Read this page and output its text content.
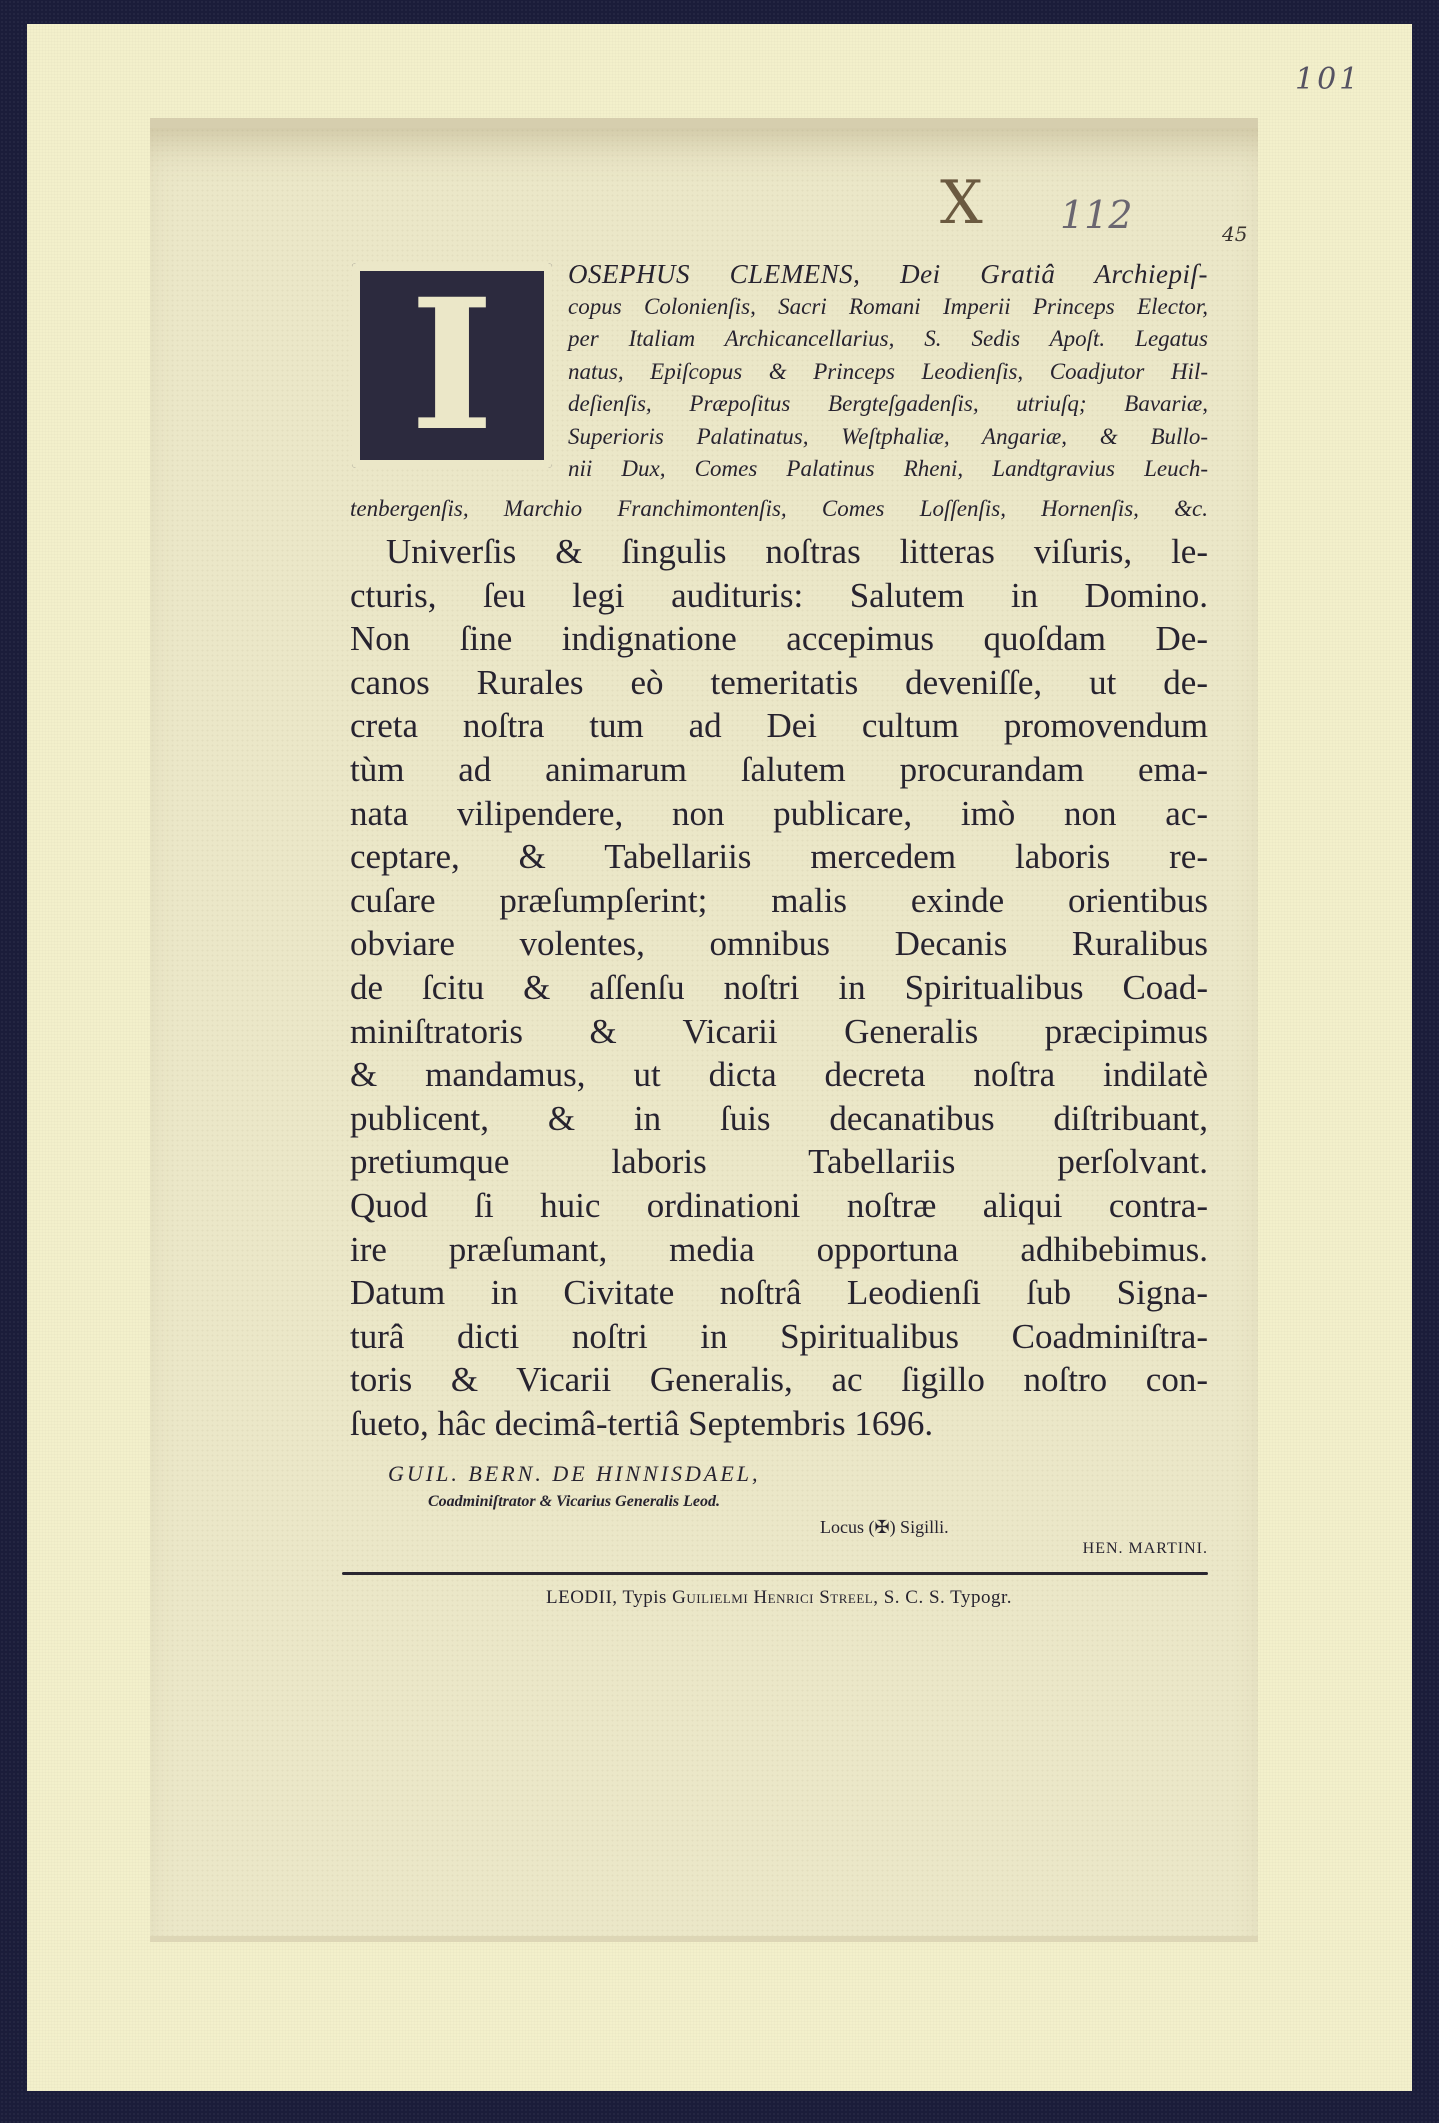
101
X 112	45
I	OSEPHUS CLEMENS, Dei Gratiâ Archiepiſ-
copus Colonienſis, Sacri Romani Imperii Princeps Elector,
per Italiam Archicancellarius, S. Sedis Apoſt. Legatus
natus, Epiſcopus & Princeps Leodienſis, Coadjutor Hil-
deſienſis, Præpoſitus Bergteſgadenſis, utriuſq; Bavariæ,
Superioris Palatinatus, Weſtphaliæ, Angariæ, & Bullo-
nii Dux, Comes Palatinus Rheni, Landtgravius Leuch-
tenbergenſis, Marchio Franchimontenſis, Comes Loſſenſis, Hornenſis, &c.
Univerſis & ſingulis noſtras litteras viſuris, le-
cturis, ſeu legi audituris: Salutem in Domino.
Non ſine indignatione accepimus quoſdam De-
canos Rurales eò temeritatis deveniſſe, ut de-
creta noſtra tum ad Dei cultum promovendum
tùm ad animarum ſalutem procurandam ema-
nata vilipendere, non publicare, imò non ac-
ceptare, & Tabellariis mercedem laboris re-
cuſare præſumpſerint; malis exinde orientibus
obviare volentes, omnibus Decanis Ruralibus
de ſcitu & aſſenſu noſtri in Spiritualibus Coad-
miniſtratoris & Vicarii Generalis præcipimus
& mandamus, ut dicta decreta noſtra indilatè
publicent, & in ſuis decanatibus diſtribuant,
pretiumque laboris Tabellariis perſolvant.
Quod ſi huic ordinationi noſtræ aliqui contra-
ire præſumant, media opportuna adhibebimus.
Datum in Civitate noſtrâ Leodienſi ſub Signa-
turâ dicti noſtri in Spiritualibus Coadminiſtra-
toris & Vicarii Generalis, ac ſigillo noſtro con-
ſueto, hâc decimâ-tertiâ Septembris 1696.
GUIL. BERN. DE HINNISDAEL,
Coadminiſtrator & Vicarius Generalis Leod.
Locus (✠) Sigilli.
HEN. MARTINI.
LEODII, Typis Guilielmi Henrici Streel, S. C. S. Typogr.
